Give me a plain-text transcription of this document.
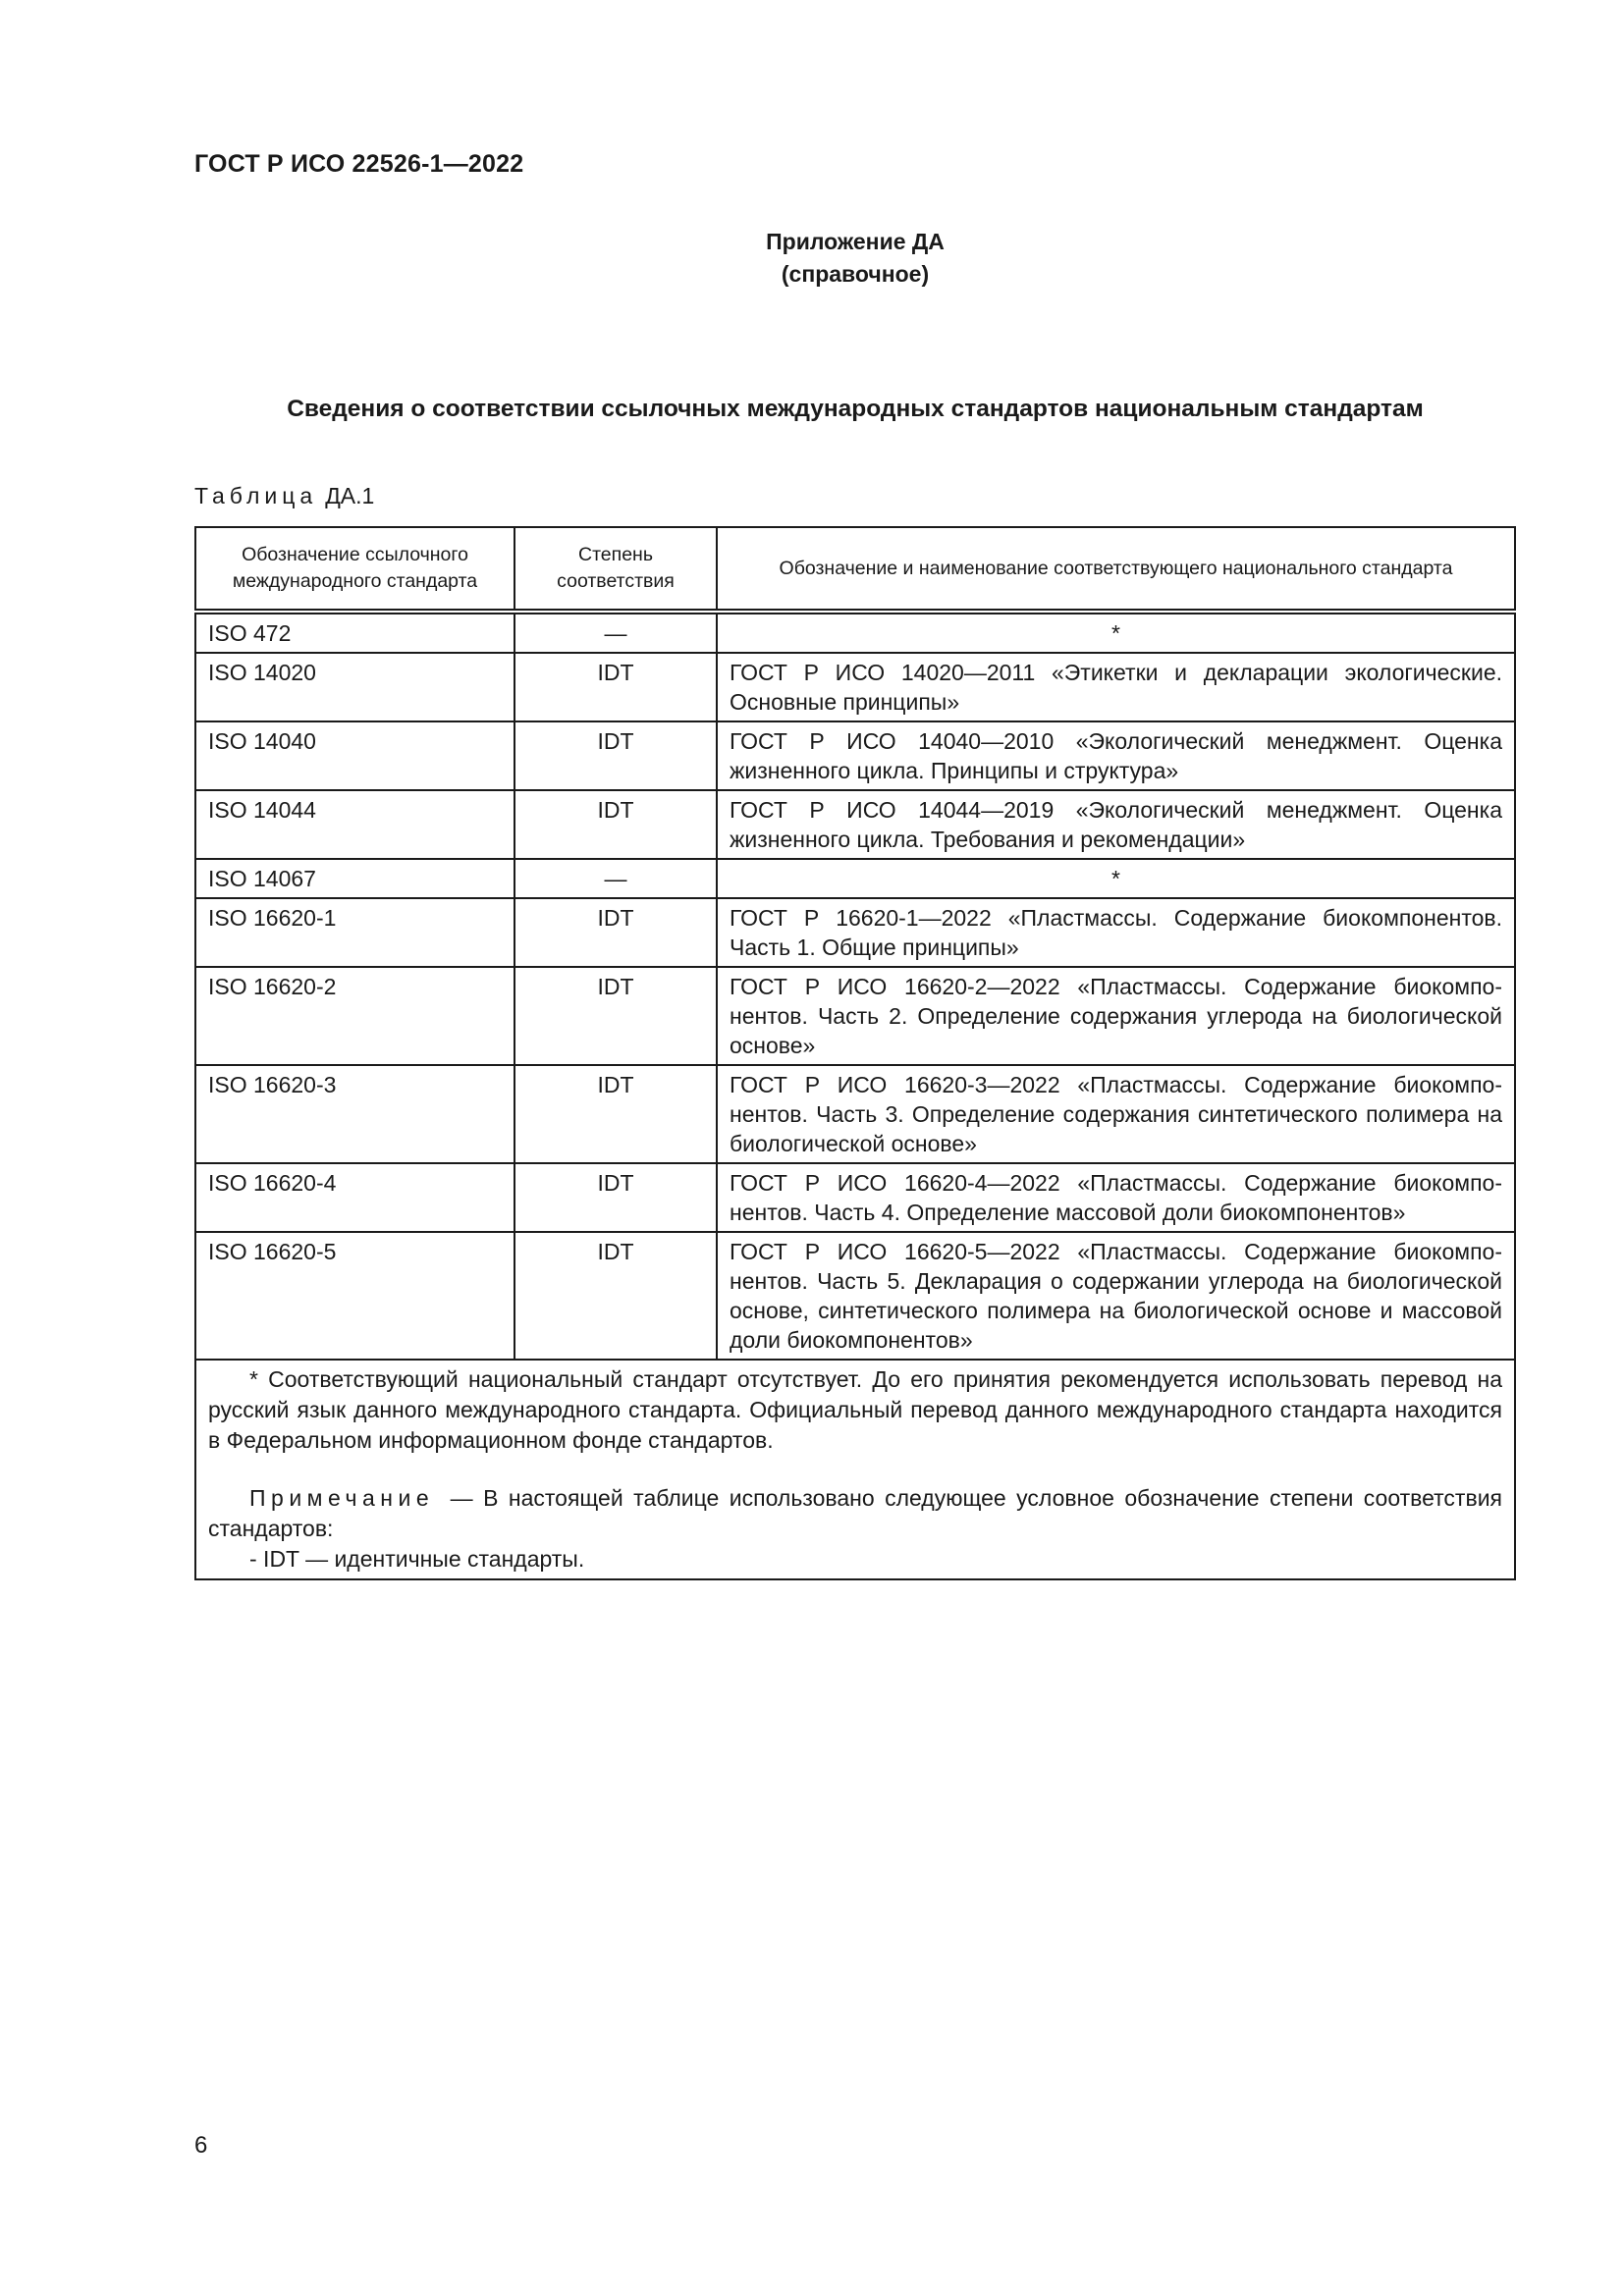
ГОСТ Р ИСО 22526-1—2022
Приложение ДА
(справочное)
Сведения о соответствии ссылочных международных стандартов национальным стандартам
Таблица ДА.1
Обозначение ссылочного международного стандарта	Степень соответствия	Обозначение и наименование соответствующего национального стандарта
ISO 472	—	*
ISO 14020	IDT	ГОСТ Р ИСО 14020—2011 «Этикетки и декларации экологические. Основные принципы»
ISO 14040	IDT	ГОСТ Р ИСО 14040—2010 «Экологический менеджмент. Оценка жизненного цикла. Принципы и структура»
ISO 14044	IDT	ГОСТ Р ИСО 14044—2019 «Экологический менеджмент. Оценка жизненного цикла. Требования и рекомендации»
ISO 14067	—	*
ISO 16620-1	IDT	ГОСТ Р 16620-1—2022 «Пластмассы. Содержание биокомпонентов. Часть 1. Общие принципы»
ISO 16620-2	IDT	ГОСТ Р ИСО 16620-2—2022 «Пластмассы. Содержание биокомпонентов. Часть 2. Определение содержания углерода на биологической основе»
ISO 16620-3	IDT	ГОСТ Р ИСО 16620-3—2022 «Пластмассы. Содержание биокомпонентов. Часть 3. Определение содержания синтетического полимера на биологической основе»
ISO 16620-4	IDT	ГОСТ Р ИСО 16620-4—2022 «Пластмассы. Содержание биокомпонентов. Часть 4. Определение массовой доли биокомпонентов»
ISO 16620-5	IDT	ГОСТ Р ИСО 16620-5—2022 «Пластмассы. Содержание биокомпонентов. Часть 5. Декларация о содержании углерода на биологической основе, синтетического полимера на биологической основе и массовой доли биокомпонентов»

* Соответствующий национальный стандарт отсутствует. До его принятия рекомендуется использовать перевод на русский язык данного международного стандарта. Официальный перевод данного международного стандарта находится в Федеральном информационном фонде стандартов.

Примечание — В настоящей таблице использовано следующее условное обозначение степени соответствия стандартов:

- IDT — идентичные стандарты.		

6
